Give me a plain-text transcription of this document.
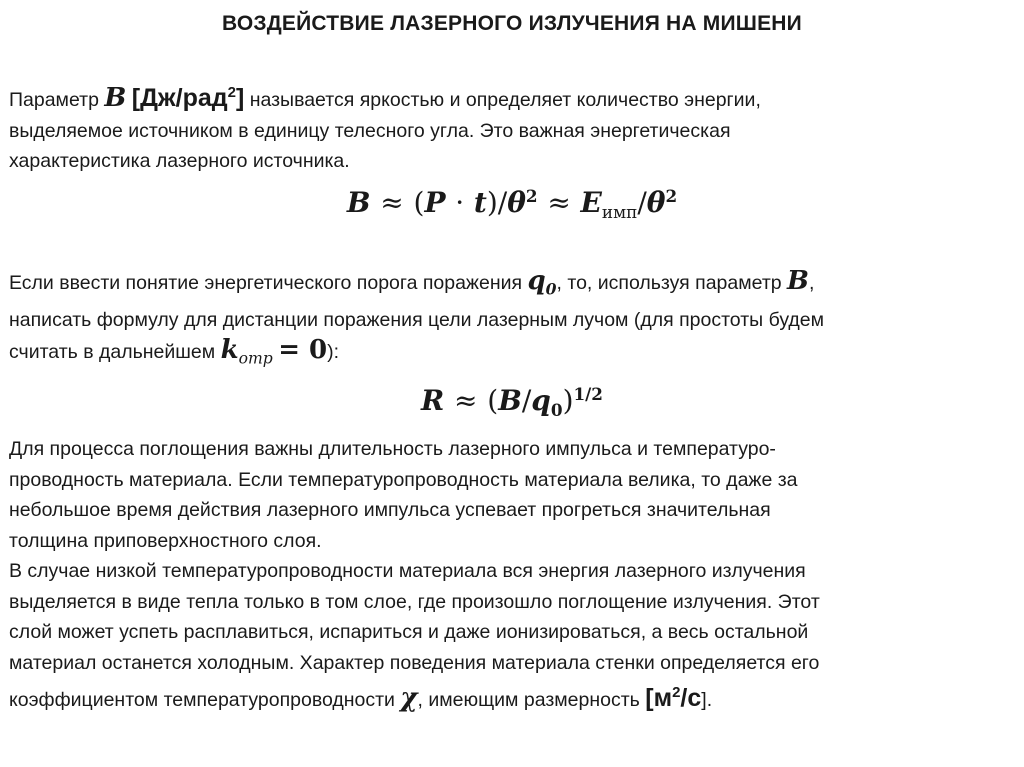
ВОЗДЕЙСТВИЕ ЛАЗЕРНОГО ИЗЛУЧЕНИЯ НА МИШЕНИ
Параметр B [Дж/рад$^2$] называется яркостью и определяет количество энергии,
выделяемое источником в единицу телесного угла. Это важная энергетическая
характеристика лазерного источника.
$B \approx (P \cdot t)/\theta^2 \approx E_{имп}/\theta^2$
Если ввести понятие энергетического порога поражения $q_0$, то, используя параметр B,
написать формулу для дистанции поражения цели лазерным лучом (для простоты будем
считать в дальнейшем $k_{отр} = 0$):
$R \approx (B/q_0)^{1/2}$
Для процесса поглощения важны длительность лазерного импульса и температуро-
проводность материала. Если температуропроводность материала велика, то даже за
небольшое время действия лазерного импульса успевает прогреться значительная
толщина приповерхностного слоя.
В случае низкой температуропроводности материала вся энергия лазерного излучения
выделяется в виде тепла только в том слое, где произошло поглощение излучения. Этот
слой может успеть расплавиться, испариться и даже ионизироваться, а весь остальной
материал останется холодным. Характер поведения материала стенки определяется его
коэффициентом температуропроводности χ, имеющим размерность $[м^2/с]$.
